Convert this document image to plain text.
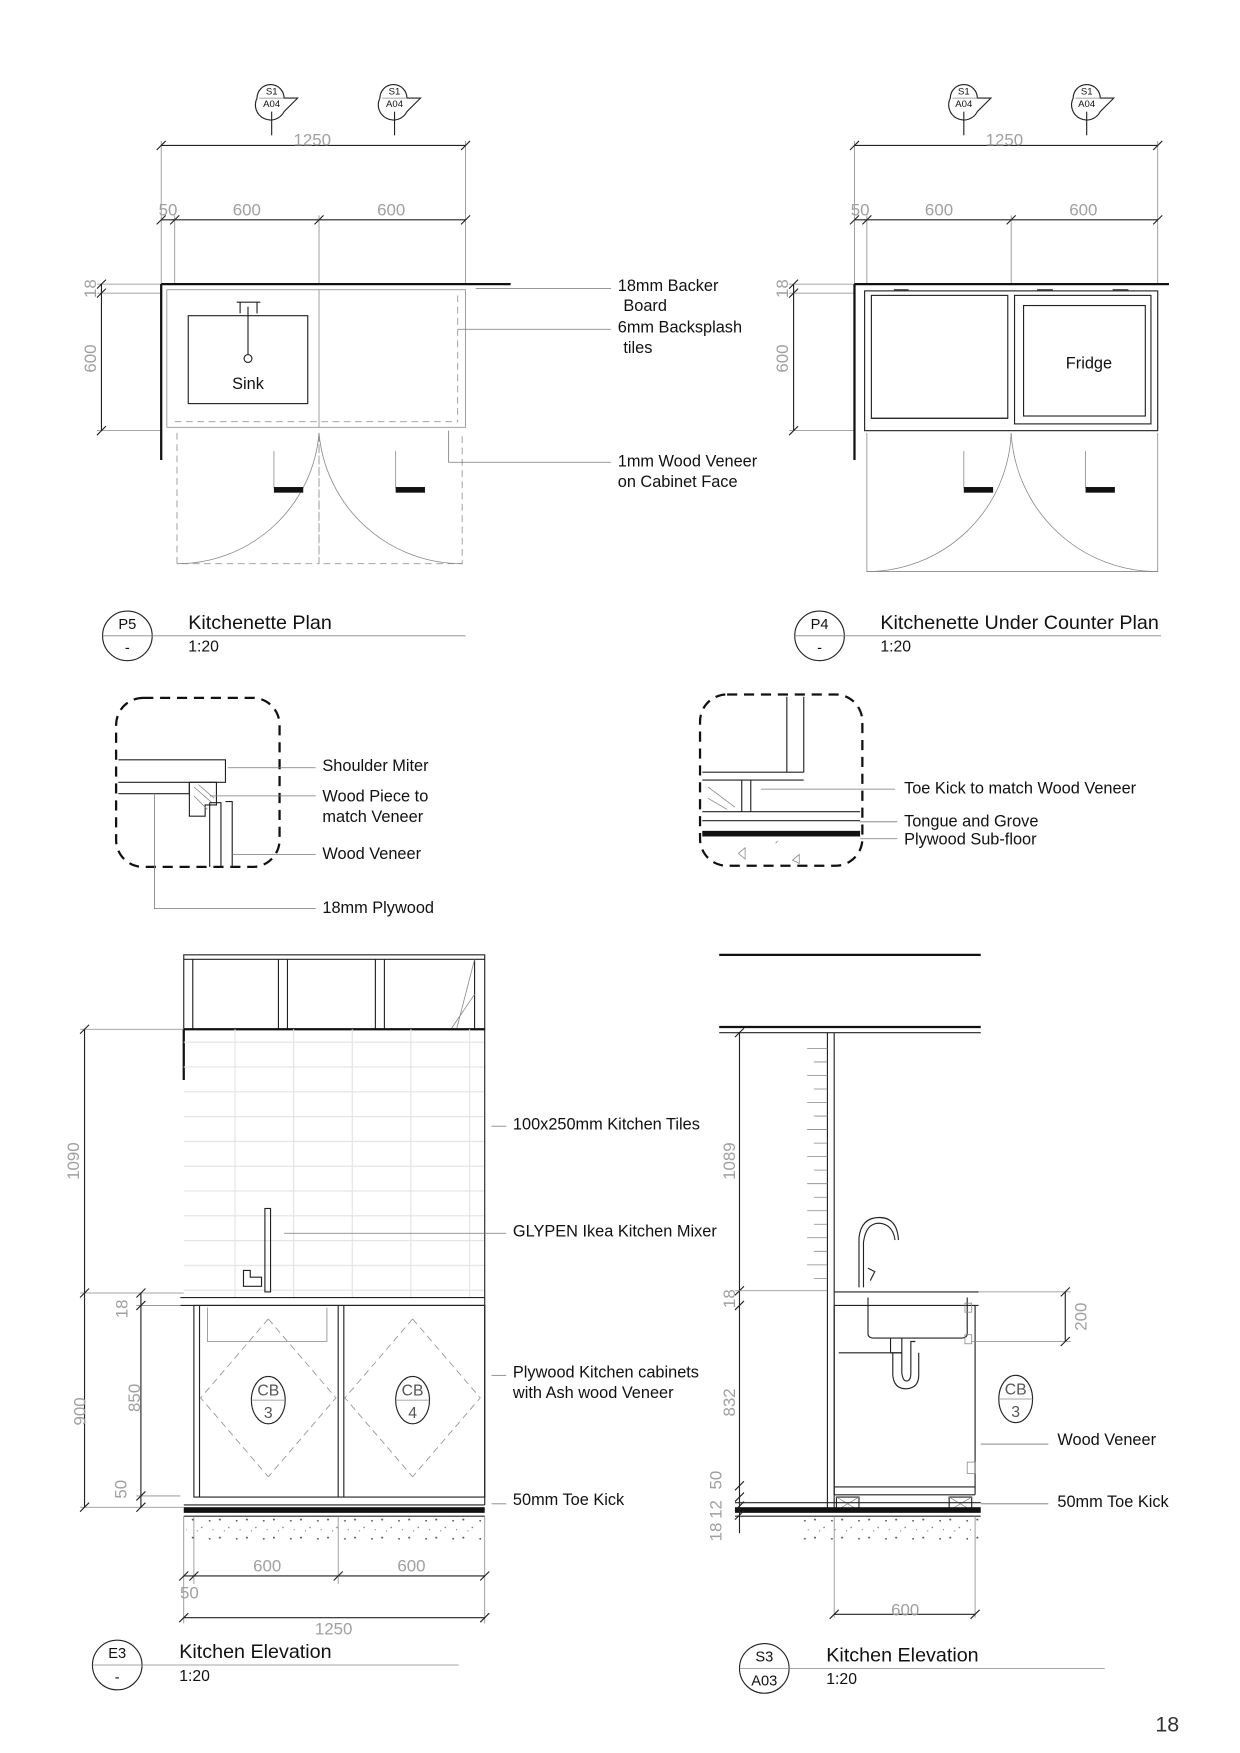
S1
A04
S1
A04
S1
A04
S1
A04
1250
50	600	600
18
600
Sink
18mm Backer
Board
6mm Backsplash
tiles
1mm Wood Veneer
on Cabinet Face
P5
-
Kitchenette Plan
1:20
1250
50	600	600
18
600	Fridge
P4
-
Kitchenette Under Counter Plan
1:20
Shoulder Miter
Wood Piece to
match Veneer
Wood Veneer
18mm Plywood
Toe Kick to match Wood Veneer
Tongue and Grove
Plywood Sub-floor
CB
3
CB
4
1090
18
900 850
50
600	600
50
1250
100x250mm Kitchen Tiles
GLYPEN Ikea Kitchen Mixer
Plywood Kitchen cabinets
with Ash wood Veneer
50mm Toe Kick
E3
-
Kitchen Elevation
1:20
CB
3
1089
18
832
50
18
12
200
600
Wood Veneer
50mm Toe Kick
S3
A03
Kitchen Elevation
1:20
18
